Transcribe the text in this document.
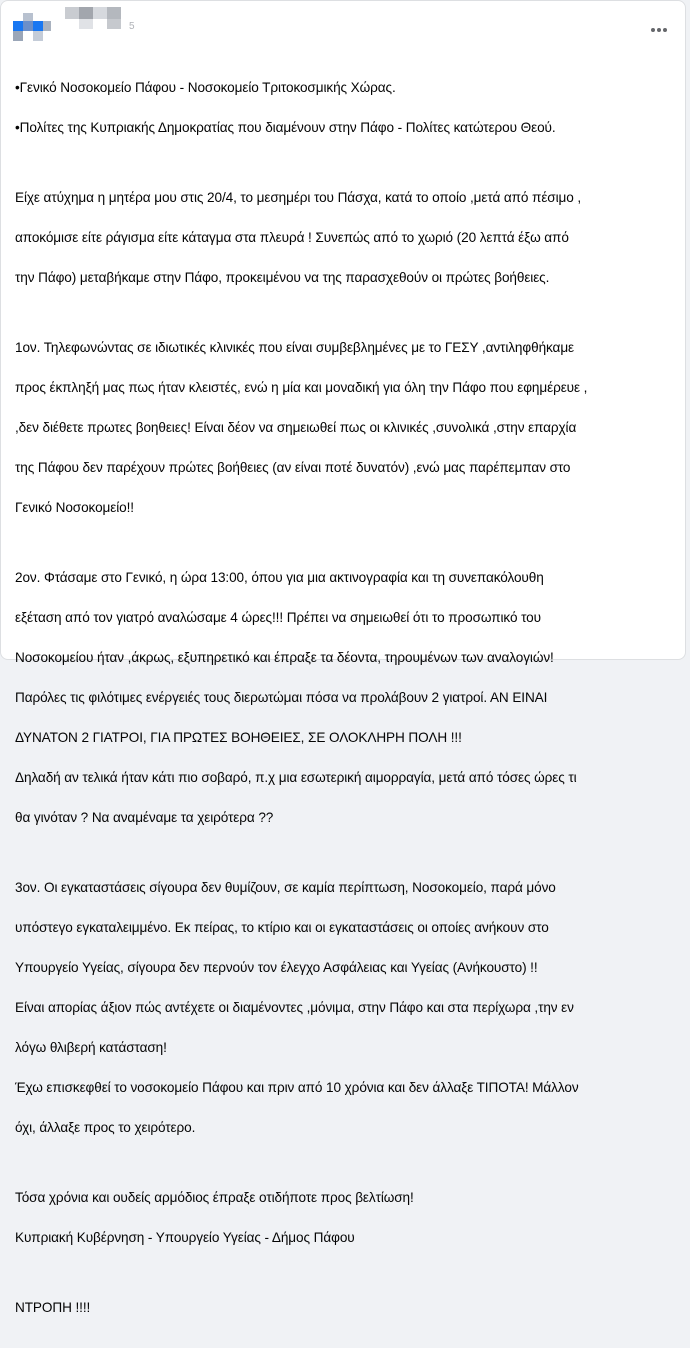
5

•Γενικό Νοσοκομείο Πάφου - Νοσοκομείο Τριτοκοσμικής Χώρας.

•Πολίτες της Κυπριακής Δημοκρατίας που διαμένουν στην Πάφο - Πολίτες κατώτερου Θεού.

Είχε ατύχημα η μητέρα μου στις 20/4, το μεσημέρι του Πάσχα, κατά το οποίο ,μετά από πέσιμο ,

αποκόμισε είτε ράγισμα είτε κάταγμα στα πλευρά ! Συνεπώς από το χωριό (20 λεπτά έξω από

την Πάφο) μεταβήκαμε στην Πάφο, προκειμένου να της παρασχεθούν οι πρώτες βοήθειες.

1ον. Τηλεφωνώντας σε ιδιωτικές κλινικές που είναι συμβεβλημένες με το ΓΕΣΥ ,αντιληφθήκαμε

προς έκπληξή μας πως ήταν κλειστές, ενώ η μία και μοναδική για όλη την Πάφο που εφημέρευε ,

,δεν διέθετε πρωτες βοηθειες! Είναι δέον να σημειωθεί πως οι κλινικές ,συνολικά ,στην επαρχία

της Πάφου δεν παρέχουν πρώτες βοήθειες (αν είναι ποτέ δυνατόν) ,ενώ μας παρέπεμπαν στο

Γενικό Νοσοκομείο!!

2ον. Φτάσαμε στο Γενικό, η ώρα 13:00, όπου για μια ακτινογραφία και τη συνεπακόλουθη

εξέταση από τον γιατρό αναλώσαμε 4 ώρες!!! Πρέπει να σημειωθεί ότι το προσωπικό του

Νοσοκομείου ήταν ,άκρως, εξυπηρετικό και έπραξε τα δέοντα, τηρουμένων των αναλογιών!

Παρόλες τις φιλότιμες ενέργειές τους διερωτώμαι πόσα να προλάβουν 2 γιατροί. ΑΝ ΕΙΝΑΙ

ΔΥΝΑΤΟΝ 2 ΓΙΑΤΡΟΙ, ΓΙΑ ΠΡΩΤΕΣ ΒΟΗΘΕΙΕΣ, ΣΕ ΟΛΟΚΛΗΡΗ ΠΟΛΗ !!!

Δηλαδή αν τελικά ήταν κάτι πιο σοβαρό, π.χ μια εσωτερική αιμορραγία, μετά από τόσες ώρες τι

θα γινόταν ? Να αναμέναμε τα χειρότερα ??

3ον. Οι εγκαταστάσεις σίγουρα δεν θυμίζουν, σε καμία περίπτωση, Νοσοκομείο, παρά μόνο

υπόστεγο εγκαταλειμμένο. Εκ πείρας, το κτίριο και οι εγκαταστάσεις οι οποίες ανήκουν στο

Υπουργείο Υγείας, σίγουρα δεν περνούν τον έλεγχο Ασφάλειας και Υγείας (Ανήκουστο) !!

Είναι απορίας άξιον πώς αντέχετε οι διαμένοντες ,μόνιμα, στην Πάφο και στα περίχωρα ,την εν

λόγω θλιβερή κατάσταση!

Έχω επισκεφθεί το νοσοκομείο Πάφου και πριν από 10 χρόνια και δεν άλλαξε ΤΙΠΟΤΑ! Μάλλον

όχι, άλλαξε προς το χειρότερο.

Τόσα χρόνια και ουδείς αρμόδιος έπραξε οτιδήποτε προς βελτίωση!

Κυπριακή Κυβέρνηση - Υπουργείο Υγείας - Δήμος Πάφου

ΝΤΡΟΠΗ !!!!
